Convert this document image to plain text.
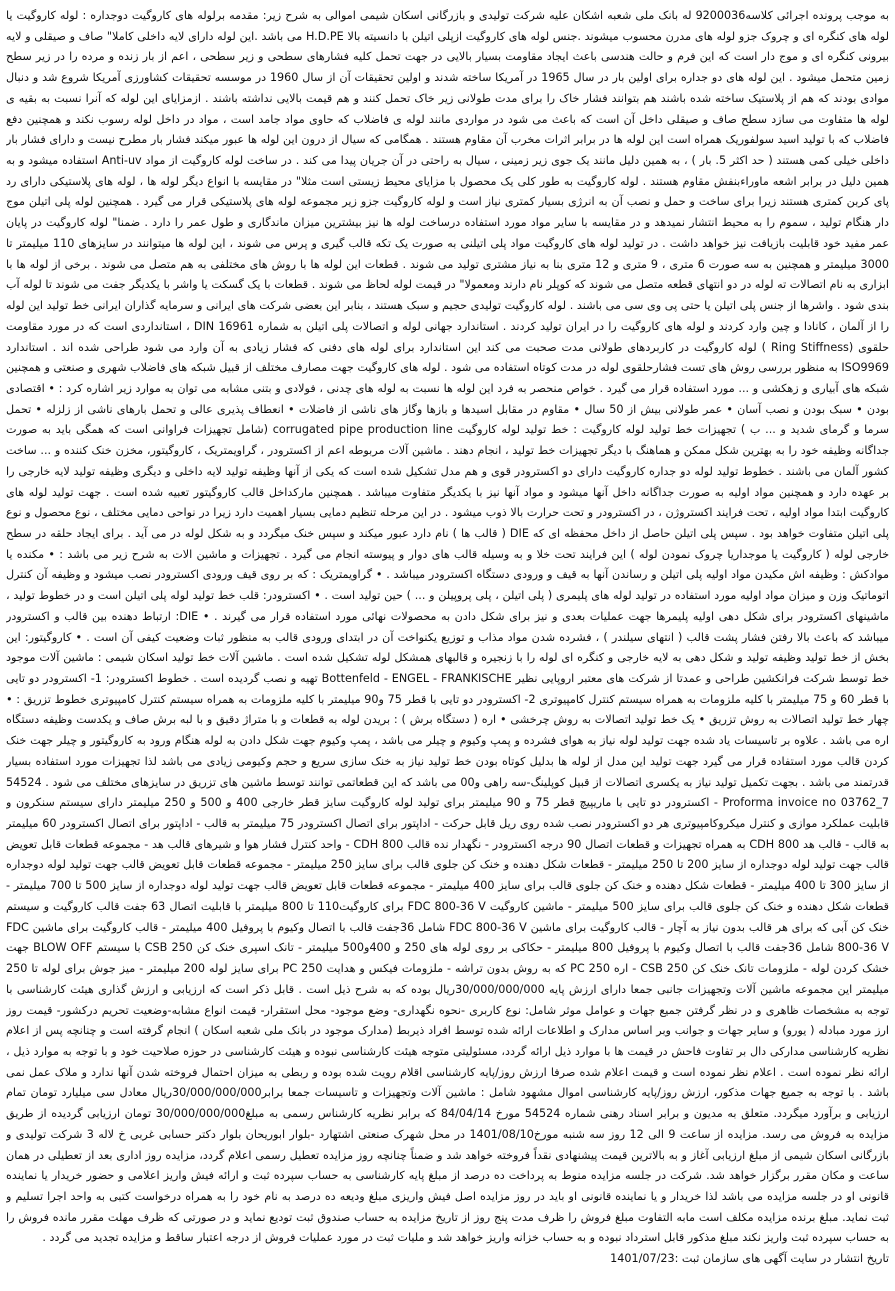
به موجب پرونده اجرائی کلاسه9200036 له بانک ملی شعبه اشکان علیه شرکت تولیدی و بازرگانی اسکان شیمی اموالی به شرح زیر: مقدمه برلوله های کاروگیت دوجداره : لوله کاروگیت یا لوله های کنگره ای و چروک جزو لوله های مدرن محسوب میشوند .جنس لوله های کاروگیت ازپلی اتیلن با دانسیته بالا H.D.PE می باشد .این لوله دارای لایه داخلی کاملا" صاف و صیقلی و لایه بیرونی کنگره ای و موج دار است که این فرم و حالت هندسی باعث ایجاد مقاومت بسیار بالایی در جهت تحمل کلیه فشارهای سطحی و زیر سطحی ، اعم از بار زنده و مرده را در زیر سطح زمین متحمل میشود . این لوله های دو جداره برای اولین بار در سال 1965 در آمریکا ساخته شدند و اولین تحقیقات آن از سال 1960 در موسسه تحقیقات کشاورزی آمریکا شروع شد و دنبال موادی بودند که هم از پلاستیک ساخته شده باشند هم بتوانند فشار خاک را برای مدت طولانی زیر خاک تحمل کنند و هم قیمت بالایی نداشته باشند . ازمزایای این لوله که آنرا نسبت به بقیه ی لوله ها متفاوت می سازد سطح صاف و صیقلی داخل آن است که باعث می شود در مواردی مانند لوله ی فاضلاب که حاوی مواد جامد است ، مواد در داخل لوله رسوب نکند و همچنین دفع فاضلاب که با تولید اسید سولفوریک همراه است این لوله ها در برابر اثرات مخرب آن مقاوم هستند . همگامی که سیال از درون این لوله ها عبور میکند فشار بار مطرح نیست و دارای فشار بار داخلی خیلی کمی هستند ( حد اکثر 5. بار ) ، به همین دلیل مانند یک جوی زیر زمینی ، سیال به راحتی در آن جریان پیدا می کند . در ساخت لوله کاروگیت از مواد Anti-uv استفاده میشود و به همین دلیل در برابر اشعه ماوراءبنفش مقاوم هستند . لوله کاروگیت به طور کلی یک محصول با مزایای محیط زیستی است مثلا" در مقایسه با انواع دیگر لوله ها ، لوله های پلاستیکی دارای رد پای کربن کمتری هستند زیرا برای ساخت و حمل و نصب آن به انرژی بسیار کمتری نیاز است و لوله کاروگیت جزو زیر مجموعه لوله های پلاستیکی قرار می گیرد . همچنین لوله پلی اتیلن موج دار هنگام تولید ، سموم را به محیط انتشار نمیدهد و در مقایسه با سایر مواد مورد استفاده درساخت لوله ها نیز بیشترین میزان ماندگاری و طول عمر را دارد . ضمنا" لوله کاروگیت در پایان عمر مفید خود قابلیت بازیافت نیز خواهد داشت . در تولید لوله های کاروگیت مواد پلی اتیلنی به صورت یک تکه قالب گیری و پرس می شوند ، این لوله ها میتوانند در سایزهای 110 میلیمتر تا 3000 میلیمتر و همچنین به سه صورت 6 متری ، 9 متری و 12 متری بنا به نیاز مشتری تولید می شوند . قطعات این لوله ها با روش های مختلفی به هم متصل می شوند . برخی از لوله ها با ابزاری به نام اتصالات ته لوله در دو انتهای قطعه متصل می شوند که کوپلر نام دارند ومعمولا" در قیمت لوله لحاظ می شوند . قطعات با یک گسکت یا واشر با یکدیگر جفت می شوند تا لوله آب بندی شود . واشرها از جنس پلی اتیلن یا حتی پی وی سی می باشند . لوله کاروگیت تولیدی حجیم و سبک هستند ، بنابر این بعضی شرکت های ایرانی و سرمایه گذاران ایرانی خط تولید این لوله را از آلمان ، کانادا و چین وارد کردند و لوله های کاروگیت را در ایران تولید کردند . استاندارد جهانی لوله و اتصالات پلی اتیلن به شماره DIN 16961 ، استانداردی است که در مورد مقاومت حلقوی (Ring Stiffness ) لوله کاروگیت در کاربردهای طولانی مدت صحبت می کند این استاندارد برای لوله های دفنی که فشار زیادی به آن وارد می شود طراحی شده اند . استاندارد ISO9969 به منظور بررسی روش های تست فشارحلقوی لوله در مدت کوتاه استفاده می شود . لوله های کاروگیت جهت مصارف مختلف از قبیل شبکه های فاضلاب شهری و صنعتی و همچنین شبکه های آبیاری و زهکشی و ... مورد استفاده قرار می گیرد . خواص منحصر به فرد این لوله ها نسبت به لوله های چدنی ، فولادی و بتنی مشابه می توان به موارد زیر اشاره کرد : • اقتصادی بودن • سبک بودن و نصب آسان • عمر طولانی بیش از 50 سال • مقاوم در مقابل اسیدها و بازها وگاز های ناشی از فاضلات • انعطاف پذیری عالی و تحمل بارهای ناشی از زلزله • تحمل سرما و گرمای شدید و ... ب ) تجهیزات خط تولید لوله کاروگیت : خط تولید لوله کاروگیت corrugated pipe production line (شامل تجهیزات فراوانی است که همگی باید به صورت جداگانه وظیفه خود را به بهترین شکل ممکن و هماهنگ با دیگر تجهیزات خط تولید ، انجام دهند . ماشین آلات مربوطه اعم از اکسترودر ، گراویمتریک ، کاروگیتور، مخزن خنک کننده و ... ساخت کشور آلمان می باشند . خطوط تولید لوله دو جداره کاروگیت دارای دو اکسترودر قوی و هم مدل تشکیل شده است که یکی از آنها وظیفه تولید لایه داخلی و دیگری وظیفه تولید لایه خارجی را بر عهده دارد و همچنین مواد اولیه به صورت جداگانه داخل آنها میشود و مواد آنها نیز با یکدیگر متفاوت میباشد . همچنین مارکداخل قالب کاروگیتور تعبیه شده است . جهت تولید لوله های کاروگیت ابتدا مواد اولیه ، تحت فرایند اکستروژن ، در اکسترودر و تحت حرارت بالا ذوب میشود . در این مرحله تنظیم دمایی بسیار اهمیت دارد زیرا در نواحی دمایی مختلف ، نوع محصول و نوع پلی اتیلن متفاوت خواهد بود . سپس پلی اتیلن حاصل از داخل محفظه ای که DIE ( قالب ها ) نام دارد عبور میکند و سپس خنک میگردد و به شکل لوله در می آید . برای ایجاد حلقه در سطح خارجی لوله ( کاروگیت یا موجداریا چروک نمودن لوله ) این فرایند تحت خلا و به وسیله قالب های دوار و پیوسته انجام می گیرد . تجهیزات و ماشین الات به شرح زیر می باشد : • مکنده یا موادکش : وظیفه اش مکیدن مواد اولیه پلی اتیلن و رساندن آنها به قیف و ورودی دستگاه اکسترودر میباشد . • گراویمتریک : که بر روی قیف ورودی اکسترودر نصب میشود و وظیفه آن کنترل اتوماتیک وزن و میزان مواد اولیه مورد استفاده در تولید لوله های پلیمری ( پلی اتیلن ، پلی پروپیلن و ... ) حین تولید است . • اکسترودر: قلب خط تولید لوله پلی اتیلن است و در خطوط تولید ، ماشینهای اکسترودر برای شکل دهی اولیه پلیمرها جهت عملیات بعدی و نیز برای شکل دادن به محصولات نهائی مورد استفاده قرار می گیرند . • DIE: ارتباط دهنده بین قالب و اکسترودر میباشد که باعث بالا رفتن فشار پشت قالب ( انتهای سیلندر ) ، فشرده شدن مواد مذاب و توزیع یکنواخت آن در ابتدای ورودی قالب به منظور ثبات وضعیت کیفی آن است . • کاروگیتور: این بخش از خط تولید وظیفه تولید و شکل دهی به لایه خارجی و کنگره ای لوله را با زنجیره و قالبهای همشکل لوله تشکیل شده است . ماشین آلات خط تولید اسکان شیمی : ماشین آلات موجود خط توسط شرکت فرانکشین طراحی و عمدتا از شرکت های معتبر اروپایی نظیر Bottenfeld - ENGEL - FRANKISCHE تهیه و نصب گردیده است . خطوط اکسترودر: 1- اکسترودر دو تایی با قطر 60 و 75 میلیمتر با کلیه ملزومات به همراه سیستم کنترل کامپیوتری 2- اکسترودر دو تایی با قطر 75 و90 میلیمتر با کلیه ملزومات به همراه سیستم کنترل کامپیوتری خطوط تزریق : • چهار خط تولید اتصالات به روش تزریق • یک خط تولید اتصالات به روش چرخشی • اره ( دستگاه برش ) : بریدن لوله به قطعات و با متراژ دقیق و با لبه برش صاف و یکدست وظیفه دستگاه اره می باشد . علاوه بر تاسیسات یاد شده جهت تولید لوله نیاز به هوای فشرده و پمپ وکیوم و چیلر می باشد ، پمپ وکیوم جهت شکل دادن به لوله هنگام ورود به کاروگیتور و چیلر جهت خنک کردن قالب مورد استفاده قرار می گیرد جهت تولید این مدل از لوله ها بدلیل کوتاه بودن خط تولید نیاز به خنک سازی سریع و حجم وکیومی زیادی می باشد لذا تجهیزات مورد استفاده بسیار قدرتمند می باشد . بجهت تکمیل تولید نیاز به یکسری اتصالات از قبیل کوپلینگ-سه راهی و00 می باشد که این قطعاتمی توانند توسط ماشین های تزریق در سایزهای مختلف می شود . 54524 7_03762 Proforma invoice no - اکسترودر دو تایی با ماریپیچ قطر 75 و 90 میلیمتر برای تولید لوله کاروگیت سایز قطر خارجی 400 و 500 و 250 میلیمتر دارای سیستم سنکرون و قابلیت عملکرد موازی و کنترل میکروکامپیوتری هر دو اکسترودر نصب شده روی ریل قابل حرکت - اداپتور برای اتصال اکسترودر 75 میلیمتر به قالب - اداپتور برای اتصال اکسترودر 60 میلیمتر به قالب - قالب هد CDH 800 به همراه تجهیزات و قطعات اتصال 90 درجه اکسترودر - نگهدار نده قالب CDH 800 - واحد کنترل فشار هوا و شیرهای قالب هد - مجموعه قطعات قابل تعویض قالب جهت تولید لوله دوجداره از سایز 200 تا 250 میلیمتر - قطعات شکل دهنده و خنک کن جلوی قالب برای سایز 250 میلیمتر - مجموعه قطعات قابل تعویض قالب جهت تولید لوله دوجداره از سایز 300 تا 400 میلیمتر - قطعات شکل دهنده و خنک کن جلوی قالب برای سایز 400 میلیمتر - مجموعه قطعات قابل تعویض قالب جهت تولید لوله دوجداره از سایز 500 تا 700 میلیمتر - قطعات شکل دهنده و خنک کن جلوی قالب برای سایز 500 میلیمتر - ماشین کاروگیت FDC 800-36 V برای کاروگیت110 تا 800 میلیمتر با قابلیت اتصال 63 جفت قالب کاروگیت و سیستم خنک کن آبی که برای هر قالب بدون نیاز به آچار - قالب کاروگیت برای ماشین FDC 800-36 V شامل 36جفت قالب با اتصال وکیوم با پروفیل 400 میلیمتر - قالب کاروگیت برای ماشین FDC 800-36 V شامل 36جفت قالب با اتصال وکیوم با پروفیل 800 میلیمتر - حکاکی بر روی لوله های 250 و 400و500 میلیمتر - تانک اسپری خنک کن CSB 250 با سیستم BLOW OFF جهت خشک کردن لوله - ملزومات تانک خنک کن CSB 250 - اره PC 250 که به روش بدون تراشه - ملزومات فیکس و هدایت PC 250 برای سایز لوله 200 میلیمتر - میز جوش برای لوله تا 250 میلیمتر این مجموعه ماشین آلات وتجهیزات جانبی جمعا دارای ارزش پایه 30/000/000/000ریال بوده که به شرح ذیل است . قابل ذکر است که ارزیابی و ارزش گذاری هیئت کارشناسی با توجه به مشخصات ظاهری و در نظر گرفتن جمیع جهات و عوامل موثر شامل: نوع کاربری -نحوه نگهداری- وضع موجود- محل استقرار- قیمت انواع مشابه-وضعیت تحریم درکشور- قیمت روز ارز مورد مبادله ( یورو) و سایر جهات و جوانب وبر اساس مدارک و اطلاعات ارائه شده توسط افراد ذیربط (مدارک موجود در بانک ملی شعبه اسکان ) انجام گرفته است و چنانچه پس از اعلام نظریه کارشناسی مدارکی دال بر تفاوت فاحش در قیمت ها با موارد ذیل ارائه گردد، مسئولیتی متوجه هیئت کارشناسی نبوده و هیئت کارشناسی در حوزه صلاحیت خود و با توجه به موارد ذیل ، ارائه نظر نموده است . اعلام نظر نموده است و قیمت اعلام شده صرفا ارزش روز/پایه کارشناسی اقلام رویت شده بوده و ربطی به میزان احتمال فروخته شدن آنها ندارد و ملاک عمل نمی باشد . با توجه به جمیع جهات مذکور، ارزش روز/پایه کارشناسی اموال مشهود شامل : ماشین آلات وتجهیزات و تاسیسات جمعا برابر30/000/000/000ریال معادل سی میلیارد تومان تمام ارزیابی و برآورد میگردد. متعلق به مدیون و برابر اسناد رهنی شماره 54524 مورخ 84/04/14 که برابر نظریه کارشناس رسمی به مبلغ30/000/000/000 تومان ارزیابی گردیده از طریق مزایده به فروش می رسد. مزایده از ساعت 9 الی 12 روز سه شنبه مورخ1401/08/10 در محل شهرک صنعتی اشتهارد -بلوار ابوریحان بلوار دکتر حسابی غربی خ لاله 3 شرکت تولیدی و بازرگانی اسکان شیمی از مبلغ ارزیابی آغاز و به بالاترین قیمت پیشنهادی نقداً فروخته خواهد شد و ضمناً چنانچه روز مزایده تعطیل رسمی اعلام گردد، مزایده روز اداری بعد از تعطیلی در همان ساعت و مکان مقرر برگزار خواهد شد. شرکت در جلسه مزایده منوط به پرداخت ده درصد از مبلغ پایه کارشناسی به حساب سپرده ثبت و ارائه فیش واریز اعلامی و حضور خریدار یا نماینده قانونی او در جلسه مزایده می باشد لذا خریدار و یا نماینده قانونی او باید در روز مزایده اصل فیش واریزی مبلغ ودیعه ده درصد به نام خود را به همراه درخواست کتبی به واحد اجرا تسلیم و ثبت نماید. مبلغ برنده مزایده مکلف است مابه التفاوت مبلغ فروش را ظرف مدت پنج روز از تاریخ مزایده به حساب صندوق ثبت تودیع نماید و در صورتی که ظرف مهلت مقرر مانده فروش را به حساب سپرده ثبت واریز نکند مبلغ مذکور قابل استرداد نبوده و به حساب خزانه واریز خواهد شد و ملیات ثبت در مورد عملیات فروش از درجه اعتبار ساقط و مزایده تجدید می گردد .

تاریخ انتشار در سایت آگهی های سازمان ثبت :1401/07/23
